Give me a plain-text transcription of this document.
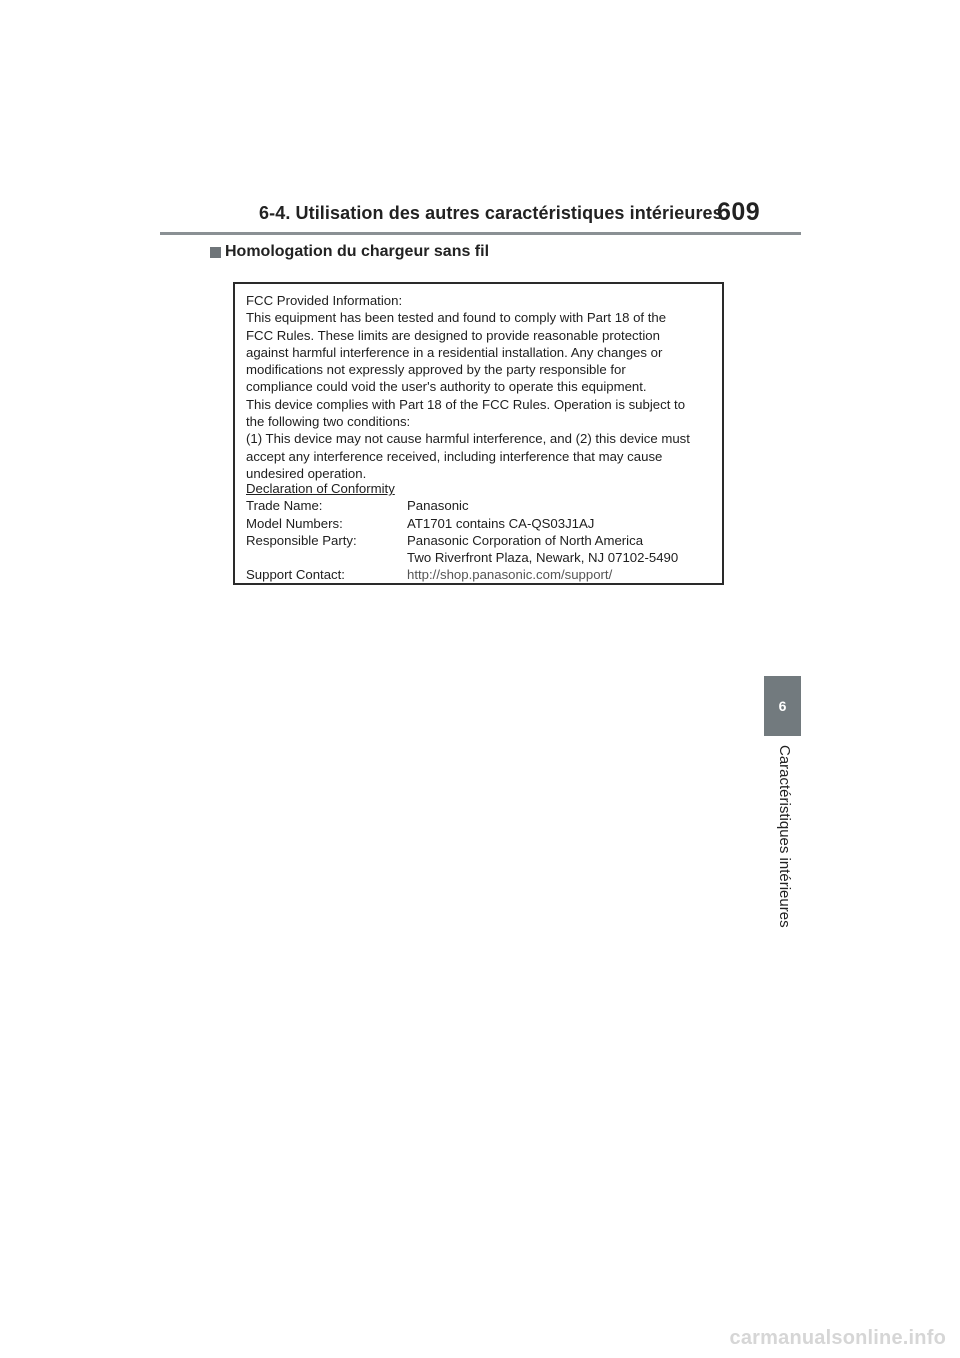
6-4. Utilisation des autres caractéristiques intérieures
609
Homologation du chargeur sans fil
FCC Provided Information:
This equipment has been tested and found to comply with Part 18 of the
FCC Rules. These limits are designed to provide reasonable protection
against harmful interference in a residential installation. Any changes or
modifications not expressly approved by the party responsible for
compliance could void the user's authority to operate this equipment.
This device complies with Part 18 of the FCC Rules. Operation is subject to
the following two conditions:
(1) This device may not cause harmful interference, and (2) this device must
accept any interference received, including interference that may cause
undesired operation.
Declaration of Conformity
Trade Name:	Panasonic
Model Numbers:	AT1701 contains CA-QS03J1AJ
Responsible Party:	Panasonic Corporation of North America
Two Riverfront Plaza, Newark, NJ 07102-5490
Support Contact:	http://shop.panasonic.com/support/
6
Caractéristiques intérieures
carmanualsonline.info
